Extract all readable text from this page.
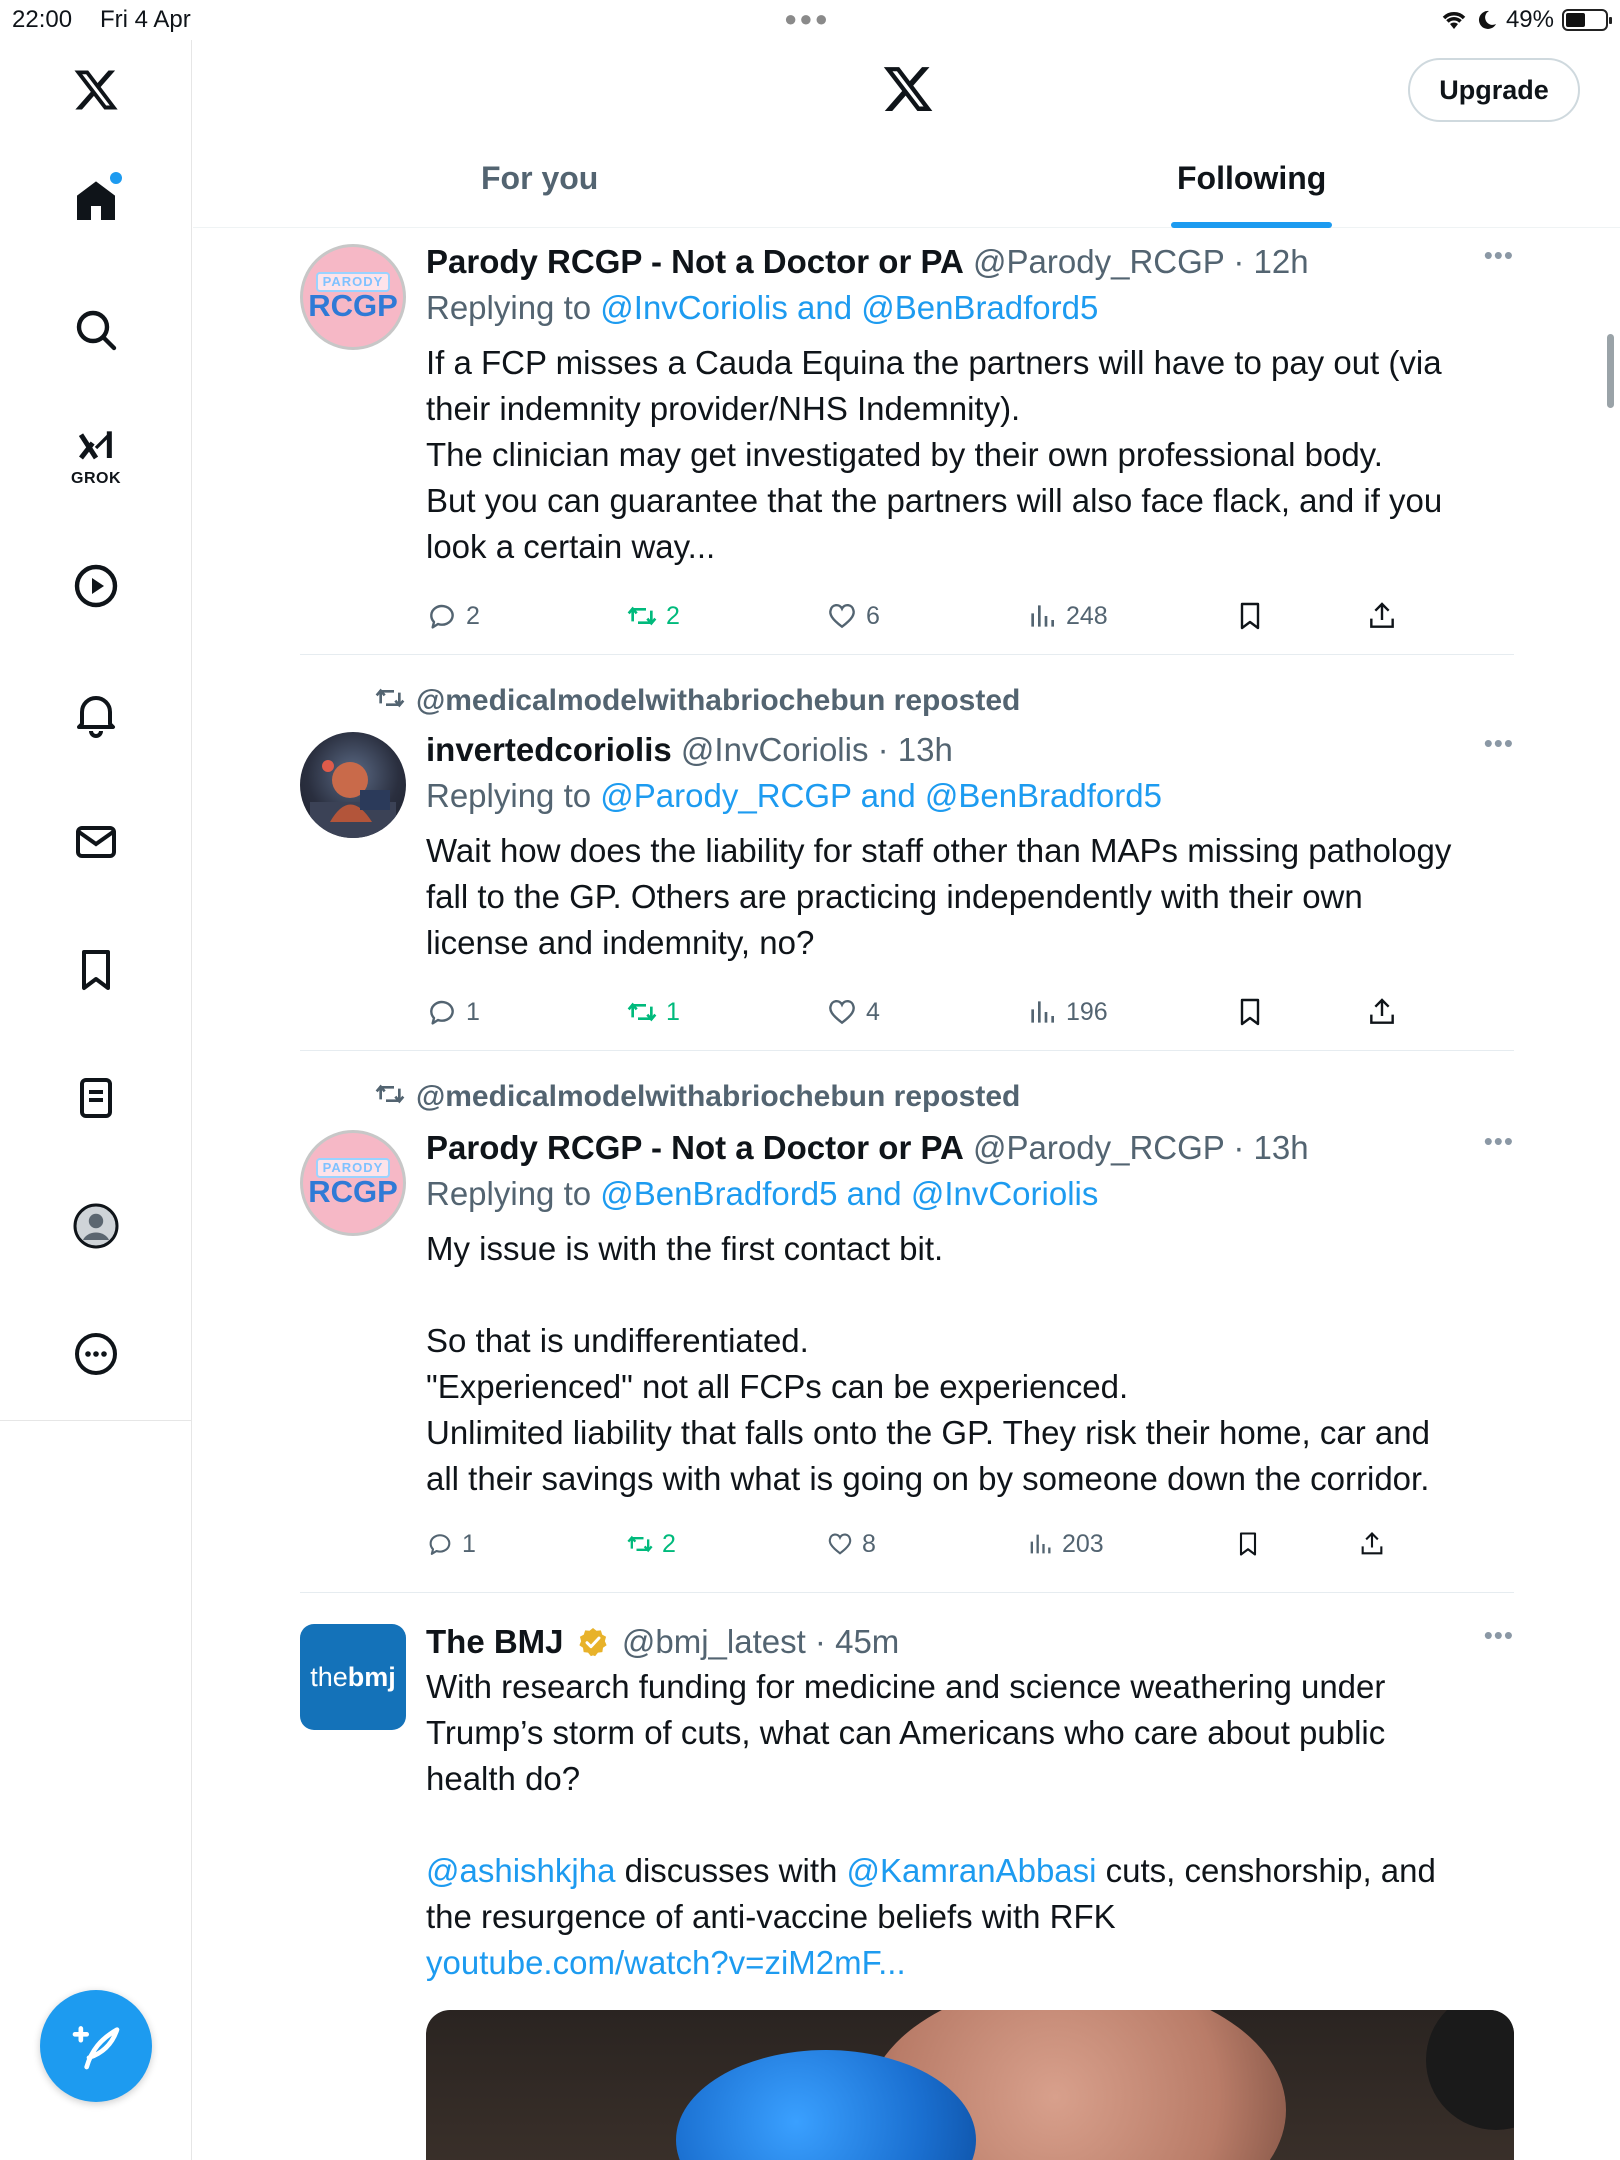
22:00 Fri 4 Apr	●●●	49%
GROK
Upgrade
For you	Following
PARODY
RCGP
Parody RCGP - Not a Doctor or PA @Parody_RCGP · 12h	•••
Replying to @InvCoriolis and @BenBradford5
If a FCP misses a Cauda Equina the partners will have to pay out (via
their indemnity provider/NHS Indemnity).
The clinician may get investigated by their own professional body.
But you can guarantee that the partners will also face flack, and if you
look a certain way...
2	2	6	248
@medicalmodelwithabriochebun reposted
invertedcoriolis @InvCoriolis · 13h	•••
Replying to @Parody_RCGP and @BenBradford5
Wait how does the liability for staff other than MAPs missing pathology
fall to the GP. Others are practicing independently with their own
license and indemnity, no?
1	1	4	196
@medicalmodelwithabriochebun reposted
PARODY
RCGP
Parody RCGP - Not a Doctor or PA @Parody_RCGP · 13h	•••
Replying to @BenBradford5 and @InvCoriolis
My issue is with the first contact bit.
So that is undifferentiated.
"Experienced" not all FCPs can be experienced.
Unlimited liability that falls onto the GP. They risk their home, car and
all their savings with what is going on by someone down the corridor.
1	2	8	203
the bmj
The BMJ @bmj_latest · 45m	•••
With research funding for medicine and science weathering under
Trump’s storm of cuts, what can Americans who care about public
health do?
@ashishkjha discusses with @KamranAbbasi cuts, censhorship, and
the resurgence of anti-vaccine beliefs with RFK
youtube.com/watch?v=ziM2mF...
